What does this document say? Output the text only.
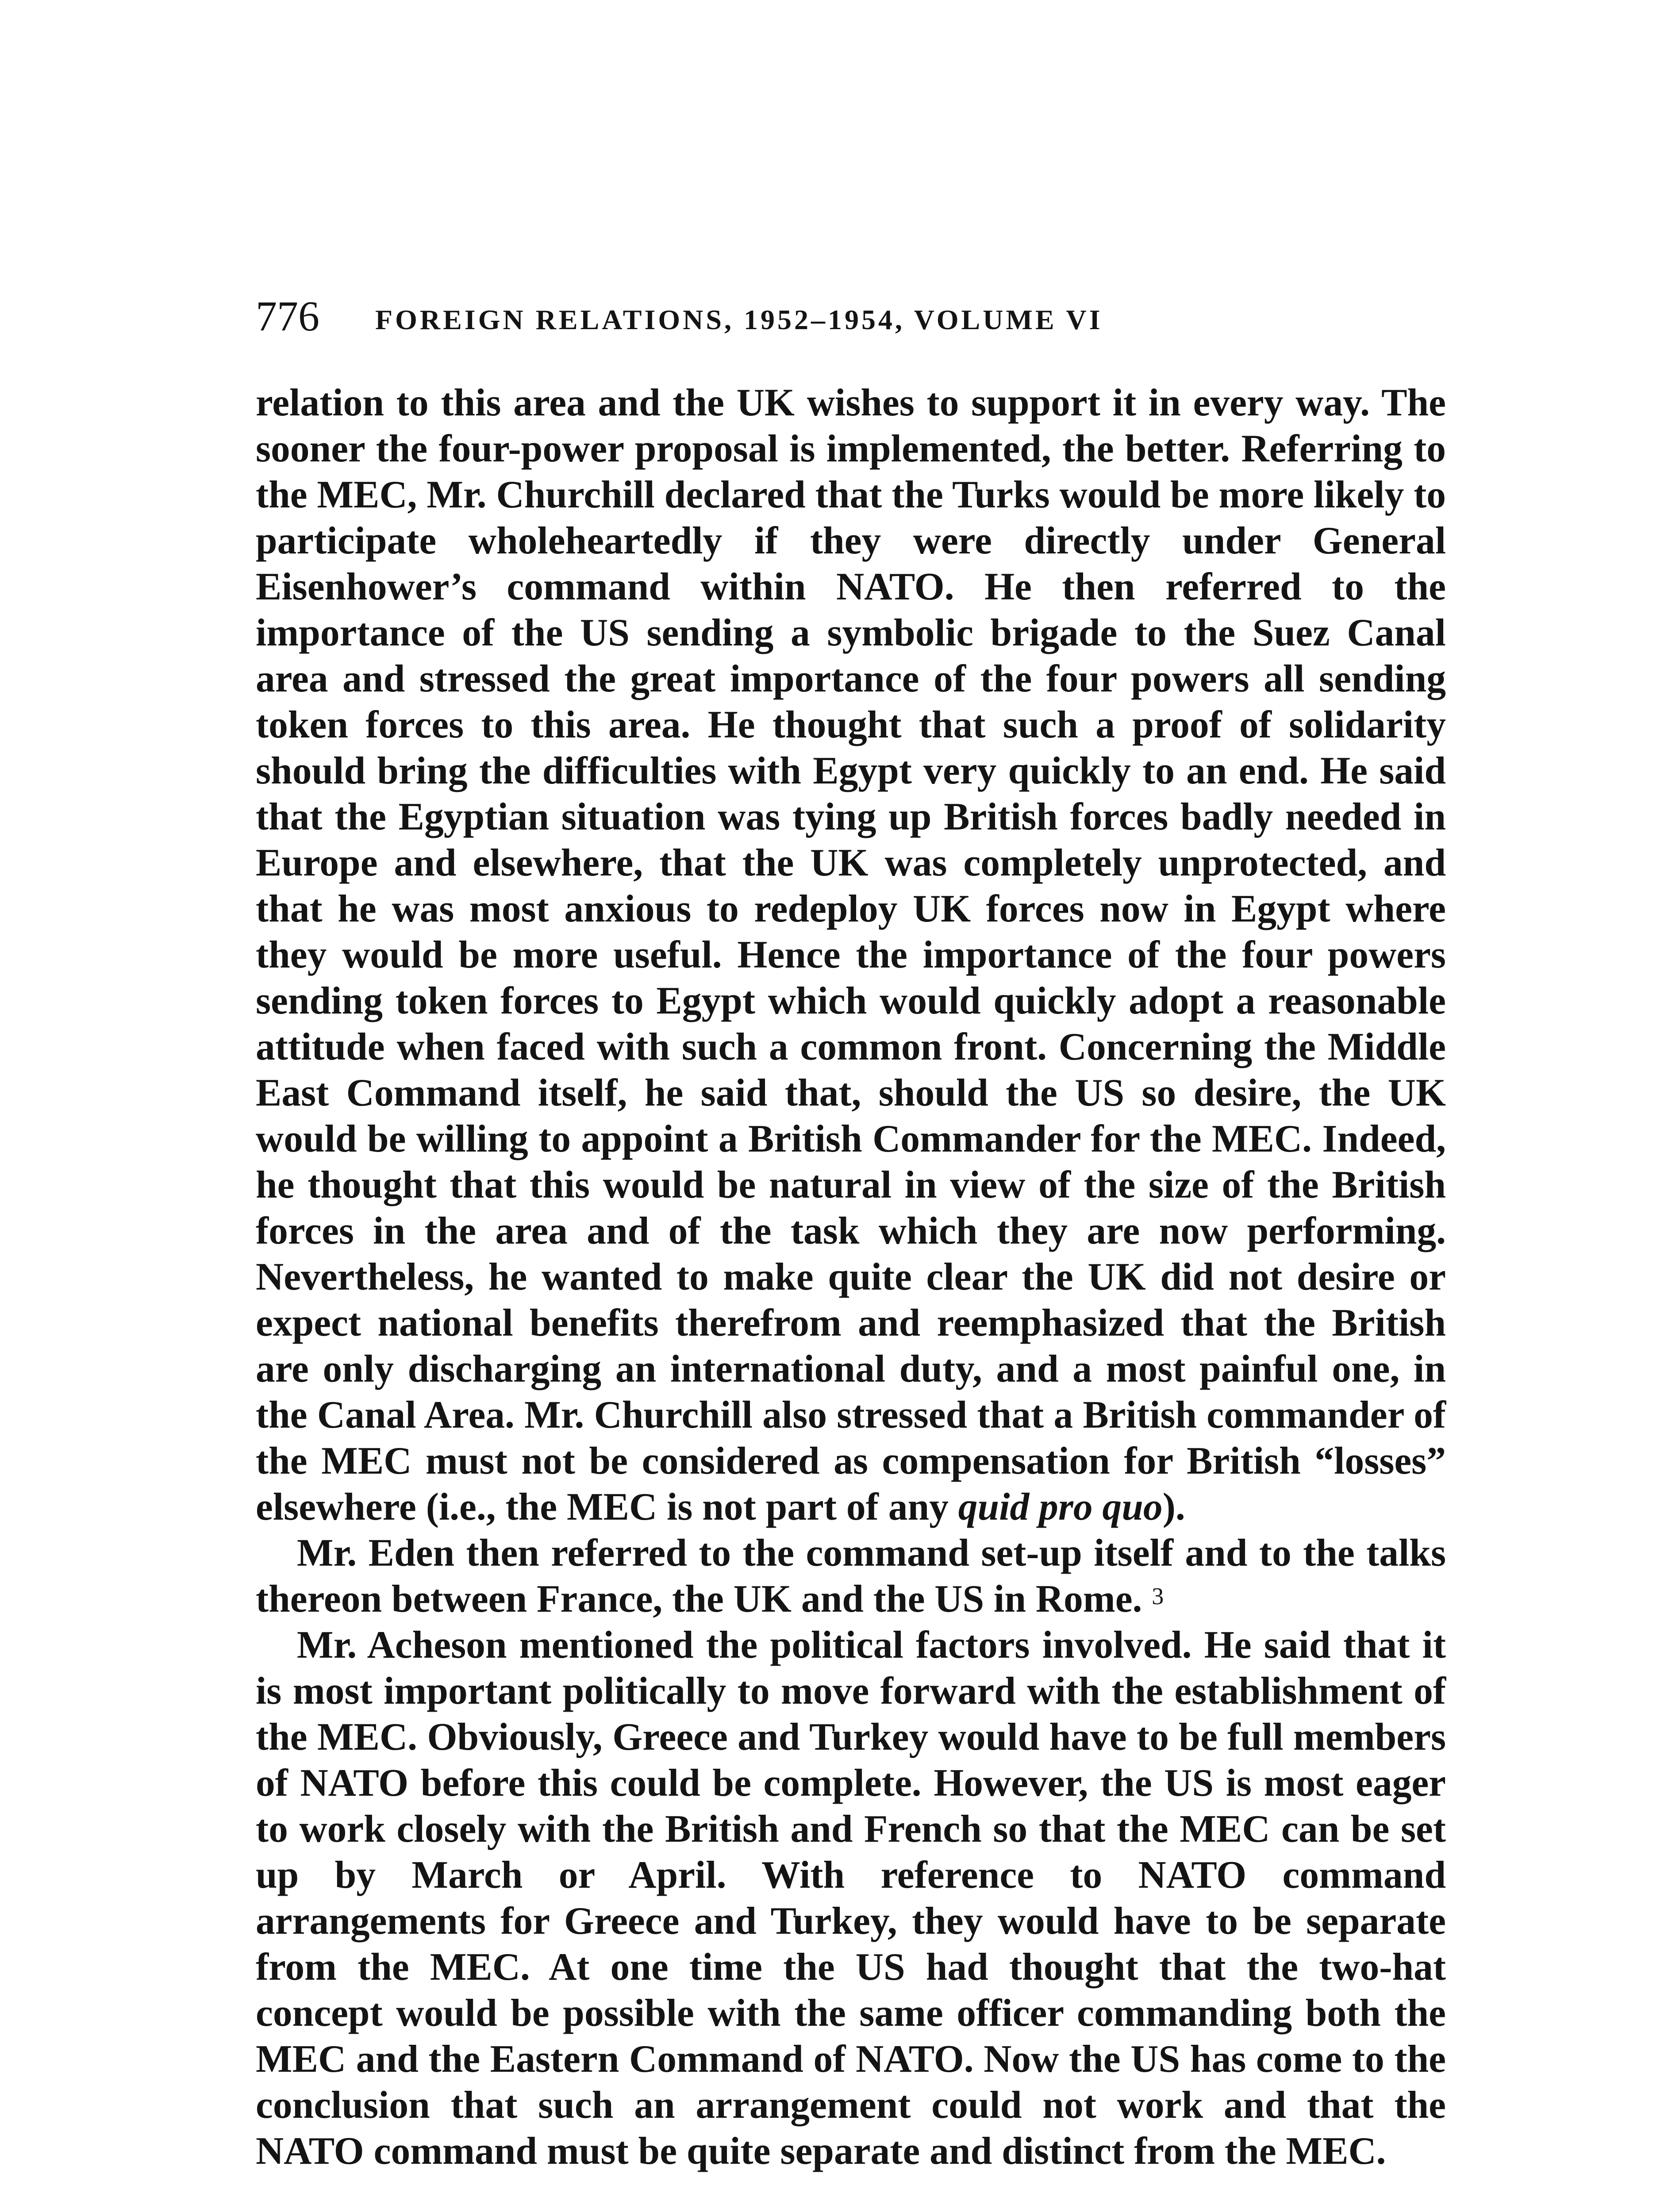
776 FOREIGN RELATIONS, 1952–1954, VOLUME VI

relation to this area and the UK wishes to support it in every way. The sooner the four-power proposal is implemented, the better. Referring to the MEC, Mr. Churchill declared that the Turks would be more likely to participate wholeheartedly if they were directly under General Eisenhower’s command within NATO. He then referred to the importance of the US sending a symbolic brigade to the Suez Canal area and stressed the great importance of the four powers all sending token forces to this area. He thought that such a proof of solidarity should bring the difficulties with Egypt very quickly to an end. He said that the Egyptian situation was tying up British forces badly needed in Europe and elsewhere, that the UK was completely unprotected, and that he was most anxious to redeploy UK forces now in Egypt where they would be more useful. Hence the importance of the four powers sending token forces to Egypt which would quickly adopt a reasonable attitude when faced with such a common front. Concerning the Middle East Command itself, he said that, should the US so desire, the UK would be willing to appoint a British Commander for the MEC. Indeed, he thought that this would be natural in view of the size of the British forces in the area and of the task which they are now performing. Nevertheless, he wanted to make quite clear the UK did not desire or expect national benefits therefrom and reemphasized that the British are only discharging an international duty, and a most painful one, in the Canal Area. Mr. Churchill also stressed that a British commander of the MEC must not be considered as compensation for British “losses” elsewhere (i.e., the MEC is not part of any quid pro quo).

Mr. Eden then referred to the command set-up itself and to the talks thereon between France, the UK and the US in Rome. $^3$

Mr. Acheson mentioned the political factors involved. He said that it is most important politically to move forward with the establishment of the MEC. Obviously, Greece and Turkey would have to be full members of NATO before this could be complete. However, the US is most eager to work closely with the British and French so that the MEC can be set up by March or April. With reference to NATO command arrangements for Greece and Turkey, they would have to be separate from the MEC. At one time the US had thought that the two-hat concept would be possible with the same officer commanding both the MEC and the Eastern Command of NATO. Now the US has come to the conclusion that such an arrangement could not work and that the NATO command must be quite separate and distinct from the MEC.
